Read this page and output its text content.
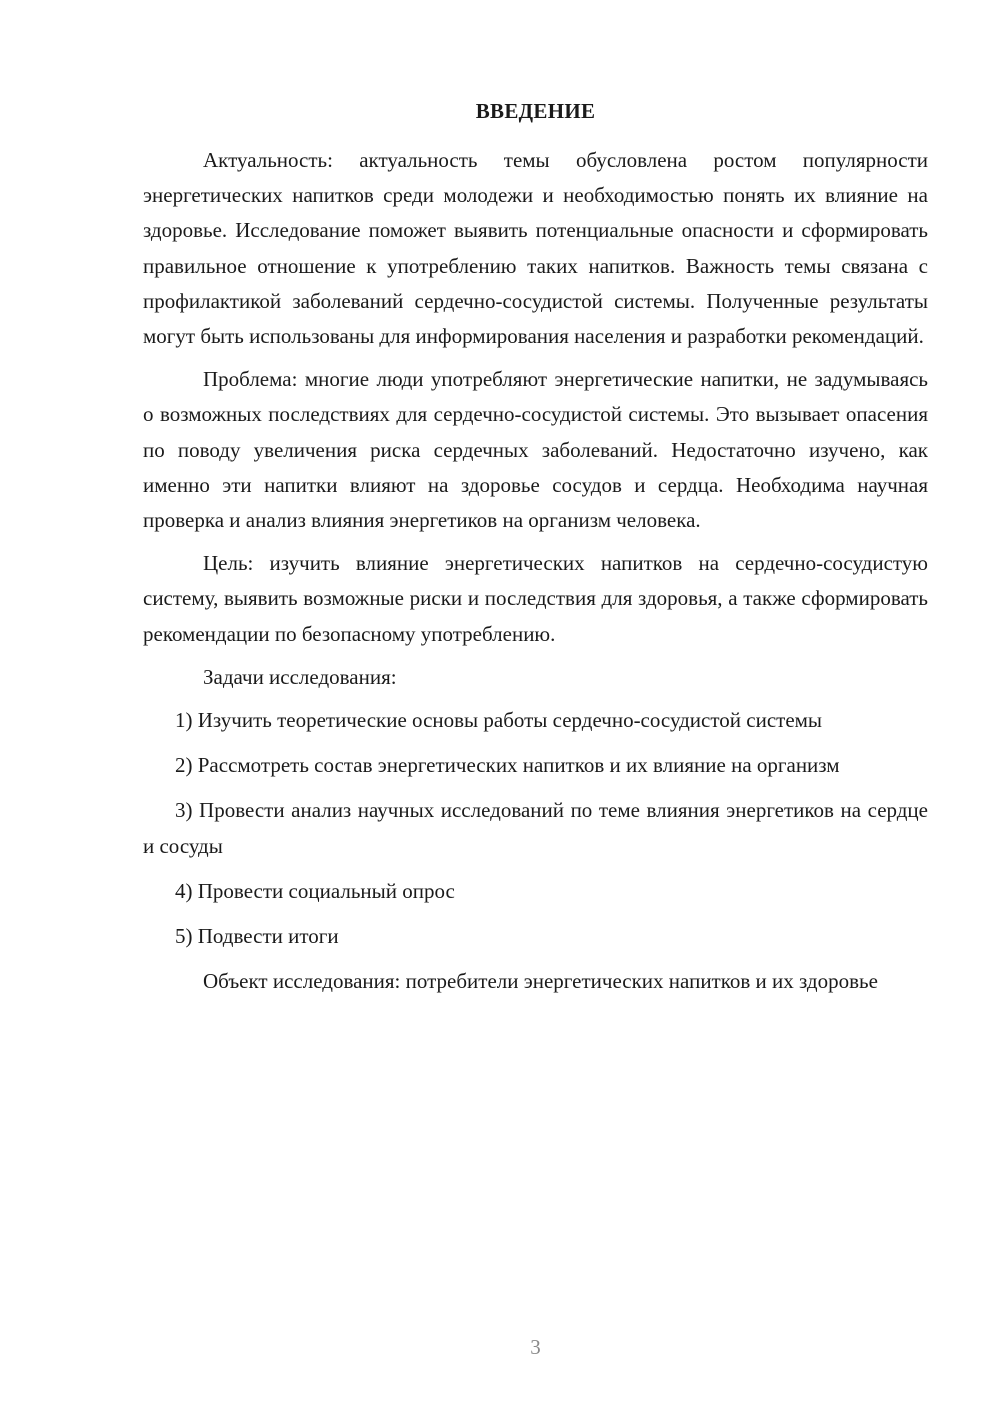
ВВЕДЕНИЕ

Актуальность: актуальность темы обусловлена ростом популярности энергетических напитков среди молодежи и необходимостью понять их влияние на здоровье. Исследование поможет выявить потенциальные опасности и сформировать правильное отношение к употреблению таких напитков. Важность темы связана с профилактикой заболеваний сердечно-сосудистой системы. Полученные результаты могут быть использованы для информирования населения и разработки рекомендаций.

Проблема: многие люди употребляют энергетические напитки, не задумываясь о возможных последствиях для сердечно-сосудистой системы. Это вызывает опасения по поводу увеличения риска сердечных заболеваний. Недостаточно изучено, как именно эти напитки влияют на здоровье сосудов и сердца. Необходима научная проверка и анализ влияния энергетиков на организм человека.

Цель: изучить влияние энергетических напитков на сердечно-сосудистую систему, выявить возможные риски и последствия для здоровья, а также сформировать рекомендации по безопасному употреблению.

Задачи исследования:

1) Изучить теоретические основы работы сердечно-сосудистой системы

2) Рассмотреть состав энергетических напитков и их влияние на организм

3) Провести анализ научных исследований по теме влияния энергетиков на сердце и сосуды

4) Провести социальный опрос

5) Подвести итоги

Объект исследования: потребители энергетических напитков и их здоровье

3
